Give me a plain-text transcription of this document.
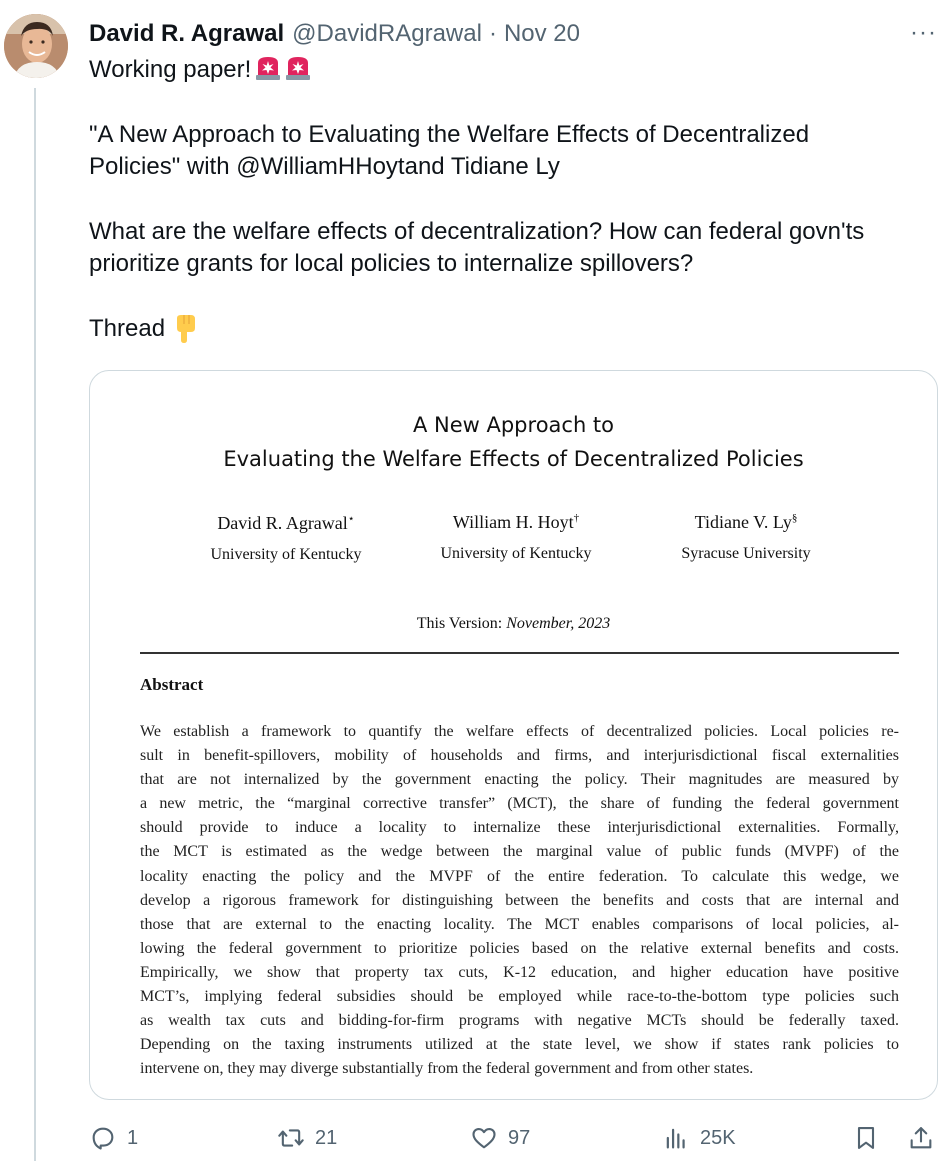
David R. Agrawal @DavidRAgrawal · Nov 20	···

Working paper!

"A New Approach to Evaluating the Welfare Effects of Decentralized

Policies" with @WilliamHHoytand Tidiane Ly

What are the welfare effects of decentralization? How can federal govn'ts

prioritize grants for local policies to internalize spillovers?

Thread

A New Approach to
Evaluating the Welfare Effects of Decentralized Policies
David R. Agrawal⋆
University of Kentucky
William H. Hoyt†
University of Kentucky
Tidiane V. Ly§
Syracuse University
This Version: November, 2023
Abstract
We establish a framework to quantify the welfare effects of decentralized policies. Local policies re-
sult in benefit-spillovers, mobility of households and firms, and interjurisdictional fiscal externalities
that are not internalized by the government enacting the policy. Their magnitudes are measured by
a new metric, the “marginal corrective transfer” (MCT), the share of funding the federal government
should provide to induce a locality to internalize these interjurisdictional externalities. Formally,
the MCT is estimated as the wedge between the marginal value of public funds (MVPF) of the
locality enacting the policy and the MVPF of the entire federation. To calculate this wedge, we
develop a rigorous framework for distinguishing between the benefits and costs that are internal and
those that are external to the enacting locality. The MCT enables comparisons of local policies, al-
lowing the federal government to prioritize policies based on the relative external benefits and costs.
Empirically, we show that property tax cuts, K-12 education, and higher education have positive
MCT’s, implying federal subsidies should be employed while race-to-the-bottom type policies such
as wealth tax cuts and bidding-for-firm programs with negative MCTs should be federally taxed.
Depending on the taxing instruments utilized at the state level, we show if states rank policies to
intervene on, they may diverge substantially from the federal government and from other states.
1	21	97	25K
